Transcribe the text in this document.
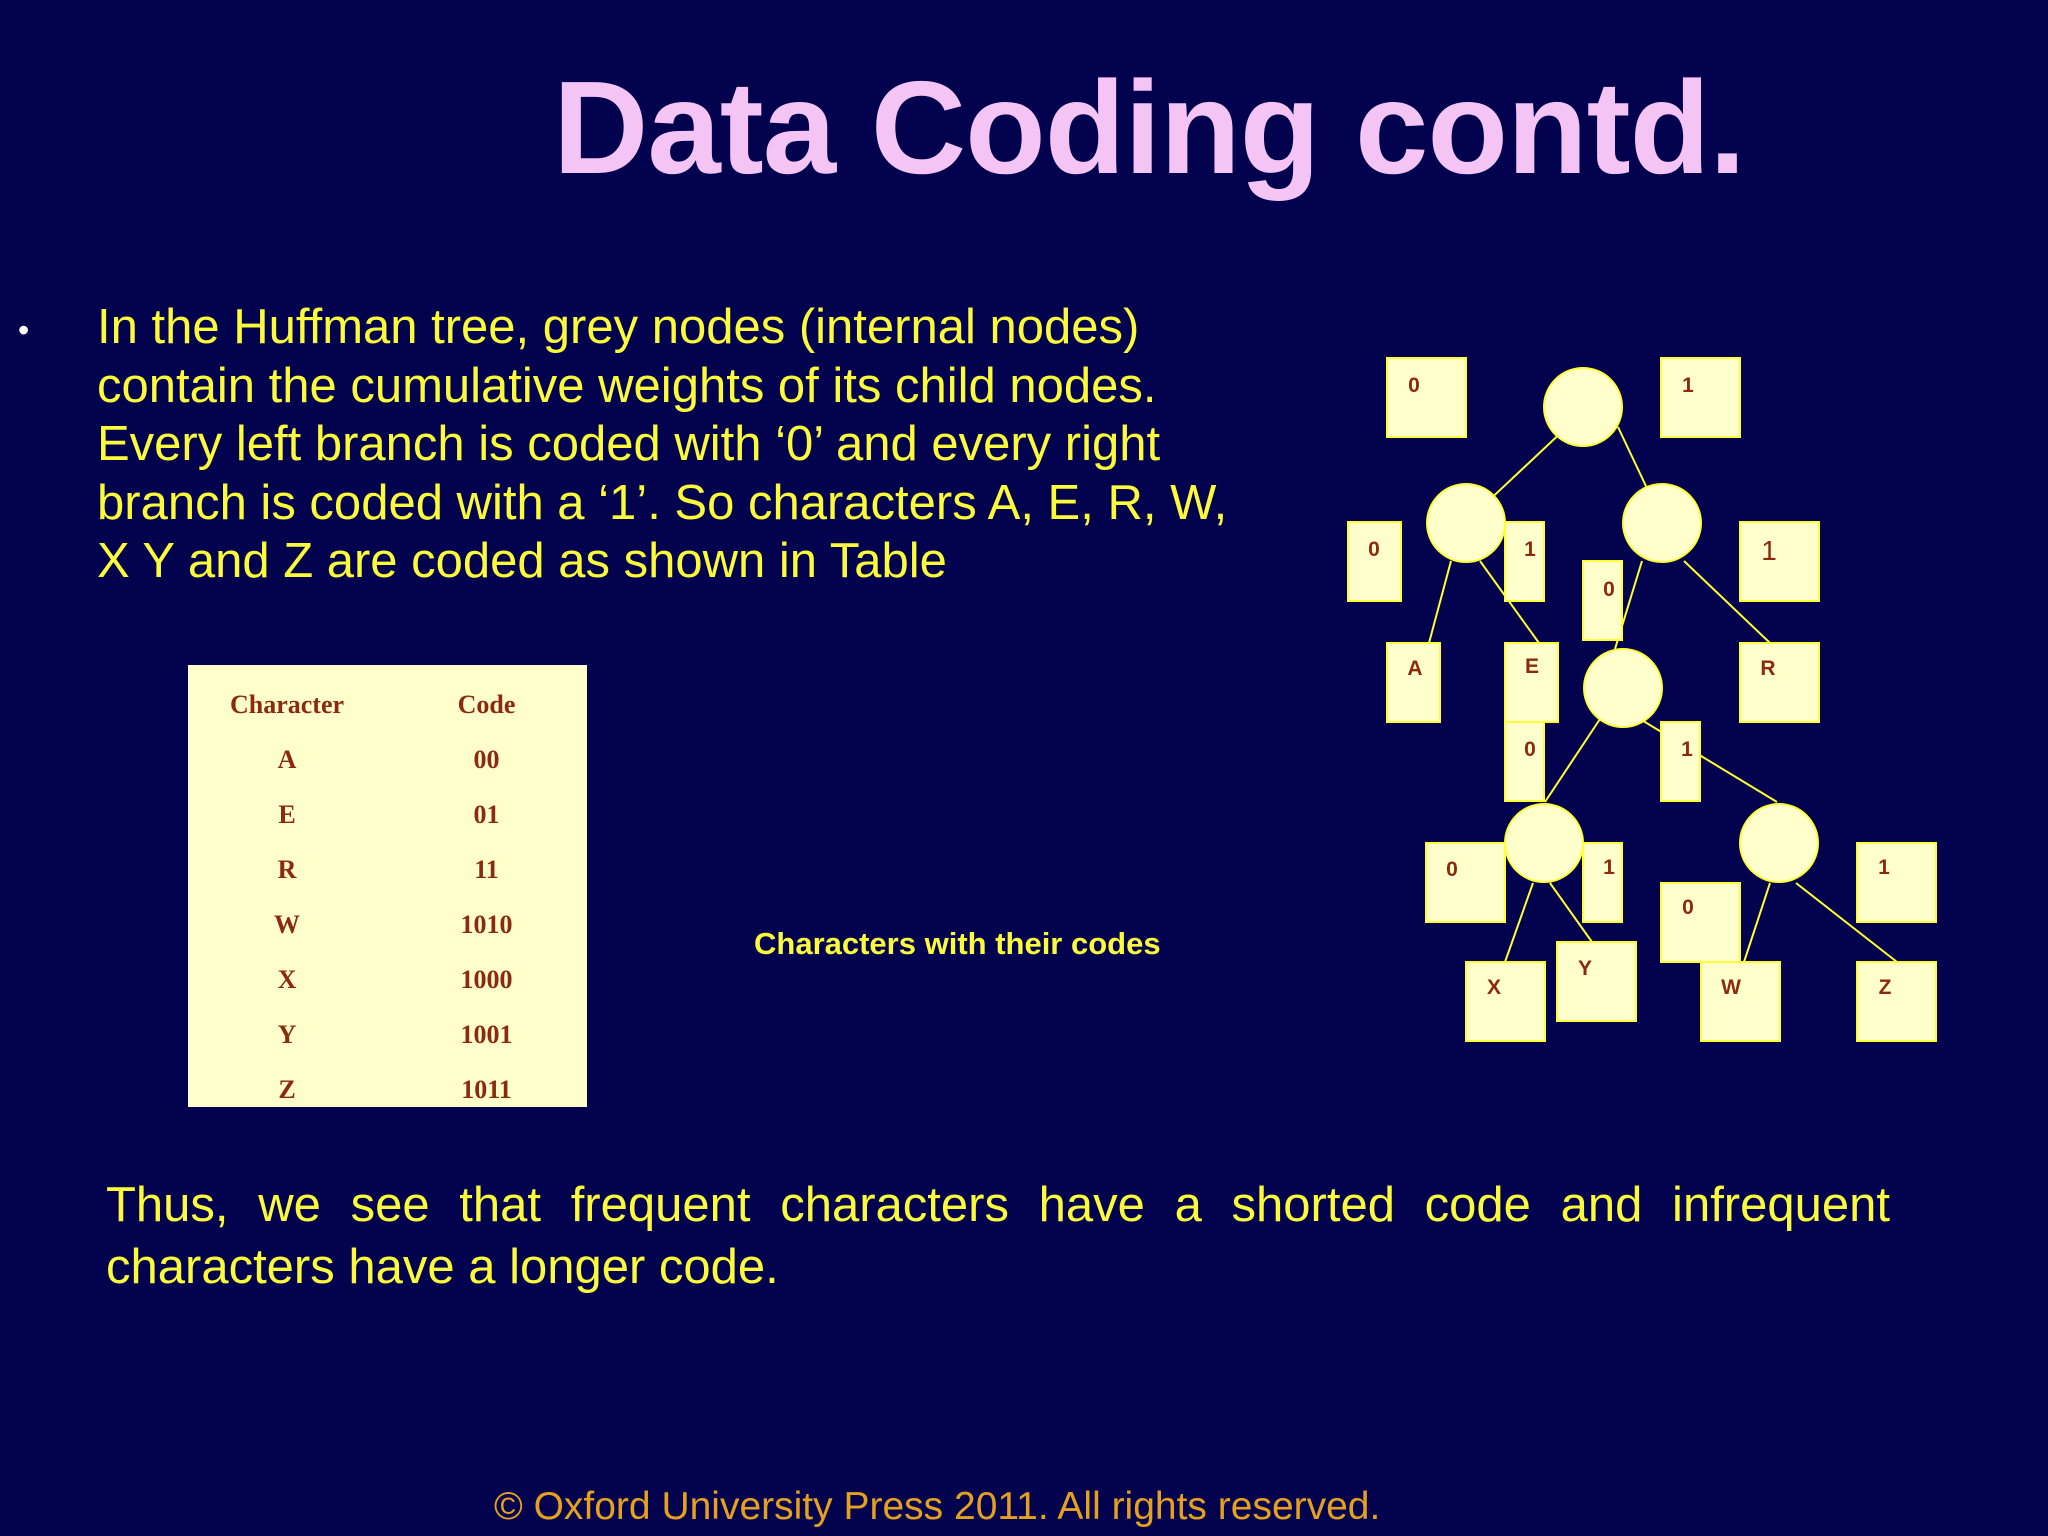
Data Coding contd.
• In the Huffman tree, grey nodes (internal nodes) contain the cumulative weights of its child nodes. Every left branch is coded with ‘0’ and every right branch is coded with a ‘1’. So characters A, E, R, W, X Y and Z are coded as shown in Table

Character	Code
A	00
E	01
R	11
W	1010
X	1000
Y	1001
Z	1011
Characters with their codes
0	1
0	1
0
1
A	E	R
0	1
0	1
0
1
X
Y
W	Z

Thus, we see that frequent characters have a shorted code and infrequent characters have a longer code.

© Oxford University Press 2011. All rights reserved.
